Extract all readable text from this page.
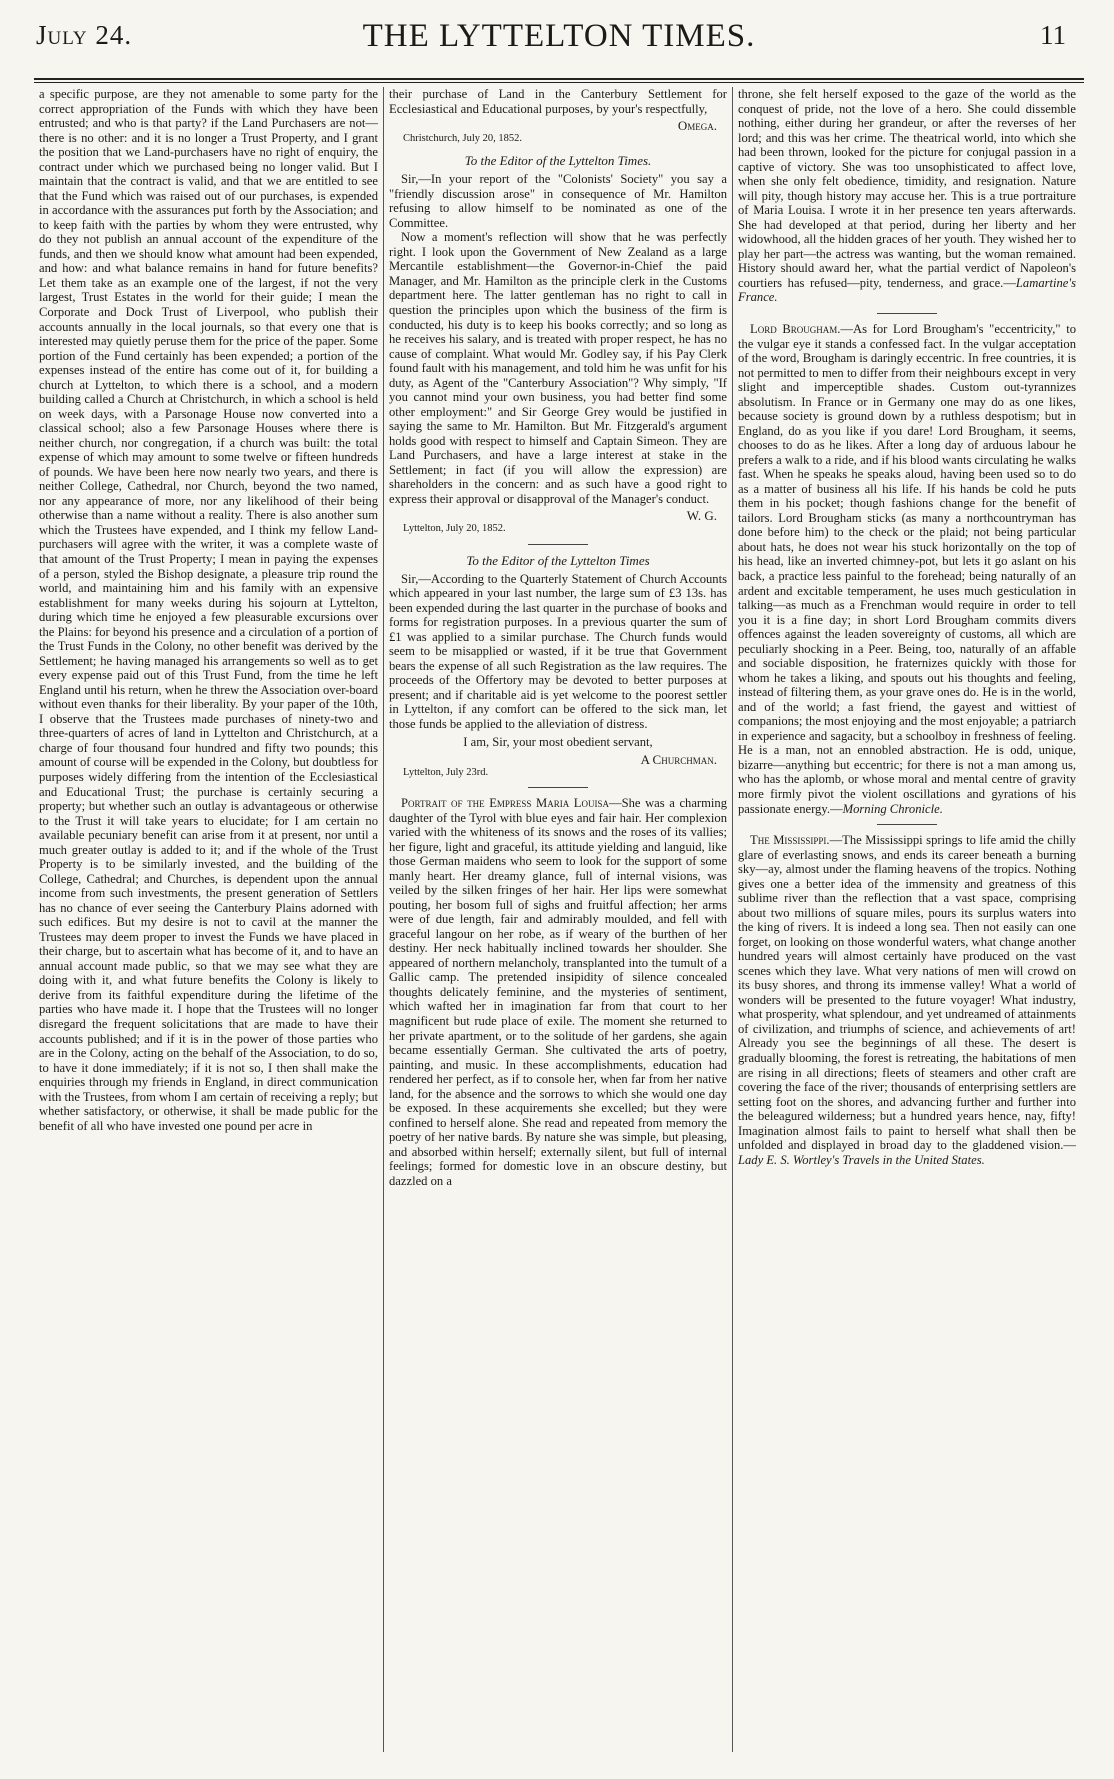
July 24.	THE LYTTELTON TIMES.	11

a specific purpose, are they not amenable to some party for the correct appropriation of the Funds with which they have been entrusted; and who is that party? if the Land Purchasers are not—there is no other: and it is no longer a Trust Property, and I grant the position that we Land-purchasers have no right of enquiry, the contract under which we purchased being no longer valid. But I maintain that the contract is valid, and that we are entitled to see that the Fund which was raised out of our purchases, is expended in accordance with the assurances put forth by the Association; and to keep faith with the parties by whom they were entrusted, why do they not publish an annual account of the expenditure of the funds, and then we should know what amount had been expended, and how: and what balance remains in hand for future benefits? Let them take as an example one of the largest, if not the very largest, Trust Estates in the world for their guide; I mean the Corporate and Dock Trust of Liverpool, who publish their accounts annually in the local journals, so that every one that is interested may quietly peruse them for the price of the paper. Some portion of the Fund certainly has been expended; a portion of the expenses instead of the entire has come out of it, for building a church at Lyttelton, to which there is a school, and a modern building called a Church at Christchurch, in which a school is held on week days, with a Parsonage House now converted into a classical school; also a few Parsonage Houses where there is neither church, nor congregation, if a church was built: the total expense of which may amount to some twelve or fifteen hundreds of pounds. We have been here now nearly two years, and there is neither College, Cathedral, nor Church, beyond the two named, nor any appearance of more, nor any likelihood of their being otherwise than a name without a reality. There is also another sum which the Trustees have expended, and I think my fellow Land-purchasers will agree with the writer, it was a complete waste of that amount of the Trust Property; I mean in paying the expenses of a person, styled the Bishop designate, a pleasure trip round the world, and maintaining him and his family with an expensive establishment for many weeks during his sojourn at Lyttelton, during which time he enjoyed a few pleasurable excursions over the Plains: for beyond his presence and a circulation of a portion of the Trust Funds in the Colony, no other benefit was derived by the Settlement; he having managed his arrangements so well as to get every expense paid out of this Trust Fund, from the time he left England until his return, when he threw the Association over-board without even thanks for their liberality. By your paper of the 10th, I observe that the Trustees made purchases of ninety-two and three-quarters of acres of land in Lyttelton and Christchurch, at a charge of four thousand four hundred and fifty two pounds; this amount of course will be expended in the Colony, but doubtless for purposes widely differing from the intention of the Ecclesiastical and Educational Trust; the purchase is certainly securing a property; but whether such an outlay is advantageous or otherwise to the Trust it will take years to elucidate; for I am certain no available pecuniary benefit can arise from it at present, nor until a much greater outlay is added to it; and if the whole of the Trust Property is to be similarly invested, and the building of the College, Cathedral; and Churches, is dependent upon the annual income from such investments, the present generation of Settlers has no chance of ever seeing the Canterbury Plains adorned with such edifices. But my desire is not to cavil at the manner the Trustees may deem proper to invest the Funds we have placed in their charge, but to ascertain what has become of it, and to have an annual account made public, so that we may see what they are doing with it, and what future benefits the Colony is likely to derive from its faithful expenditure during the lifetime of the parties who have made it. I hope that the Trustees will no longer disregard the frequent solicitations that are made to have their accounts published; and if it is in the power of those parties who are in the Colony, acting on the behalf of the Association, to do so, to have it done immediately; if it is not so, I then shall make the enquiries through my friends in England, in direct communication with the Trustees, from whom I am certain of receiving a reply; but whether satisfactory, or otherwise, it shall be made public for the benefit of all who have invested one pound per acre in

their purchase of Land in the Canterbury Settlement for Ecclesiastical and Educational purposes, by your's respectfully,

Omega.
Christchurch, July 20, 1852.
To the Editor of the Lyttelton Times.

Sir,—In your report of the "Colonists' Society" you say a "friendly discussion arose" in consequence of Mr. Hamilton refusing to allow himself to be nominated as one of the Committee.

Now a moment's reflection will show that he was perfectly right. I look upon the Government of New Zealand as a large Mercantile establishment—the Governor-in-Chief the paid Manager, and Mr. Hamilton as the principle clerk in the Customs department here. The latter gentleman has no right to call in question the principles upon which the business of the firm is conducted, his duty is to keep his books correctly; and so long as he receives his salary, and is treated with proper respect, he has no cause of complaint. What would Mr. Godley say, if his Pay Clerk found fault with his management, and told him he was unfit for his duty, as Agent of the "Canterbury Association"? Why simply, "If you cannot mind your own business, you had better find some other employment:" and Sir George Grey would be justified in saying the same to Mr. Hamilton. But Mr. Fitzgerald's argument holds good with respect to himself and Captain Simeon. They are Land Purchasers, and have a large interest at stake in the Settlement; in fact (if you will allow the expression) are shareholders in the concern: and as such have a good right to express their approval or disapproval of the Manager's conduct.

W. G.
Lyttelton, July 20, 1852.
To the Editor of the Lyttelton Times

Sir,—According to the Quarterly Statement of Church Accounts which appeared in your last number, the large sum of £3 13s. has been expended during the last quarter in the purchase of books and forms for registration purposes. In a previous quarter the sum of £1 was applied to a similar purchase. The Church funds would seem to be misapplied or wasted, if it be true that Government bears the expense of all such Registration as the law requires. The proceeds of the Offertory may be devoted to better purposes at present; and if charitable aid is yet welcome to the poorest settler in Lyttelton, if any comfort can be offered to the sick man, let those funds be applied to the alleviation of distress.

I am, Sir, your most obedient servant,
A Churchman.
Lyttelton, July 23rd.

Portrait of the Empress Maria Louisa—She was a charming daughter of the Tyrol with blue eyes and fair hair. Her complexion varied with the whiteness of its snows and the roses of its vallies; her figure, light and graceful, its attitude yielding and languid, like those German maidens who seem to look for the support of some manly heart. Her dreamy glance, full of internal visions, was veiled by the silken fringes of her hair. Her lips were somewhat pouting, her bosom full of sighs and fruitful affection; her arms were of due length, fair and admirably moulded, and fell with graceful langour on her robe, as if weary of the burthen of her destiny. Her neck habitually inclined towards her shoulder. She appeared of northern melancholy, transplanted into the tumult of a Gallic camp. The pretended insipidity of silence concealed thoughts delicately feminine, and the mysteries of sentiment, which wafted her in imagination far from that court to her magnificent but rude place of exile. The moment she returned to her private apartment, or to the solitude of her gardens, she again became essentially German. She cultivated the arts of poetry, painting, and music. In these accomplishments, education had rendered her perfect, as if to console her, when far from her native land, for the absence and the sorrows to which she would one day be exposed. In these acquirements she excelled; but they were confined to herself alone. She read and repeated from memory the poetry of her native bards. By nature she was simple, but pleasing, and absorbed within herself; externally silent, but full of internal feelings; formed for domestic love in an obscure destiny, but dazzled on a

throne, she felt herself exposed to the gaze of the world as the conquest of pride, not the love of a hero. She could dissemble nothing, either during her grandeur, or after the reverses of her lord; and this was her crime. The theatrical world, into which she had been thrown, looked for the picture for conjugal passion in a captive of victory. She was too unsophisticated to affect love, when she only felt obedience, timidity, and resignation. Nature will pity, though history may accuse her. This is a true portraiture of Maria Louisa. I wrote it in her presence ten years afterwards. She had developed at that period, during her liberty and her widowhood, all the hidden graces of her youth. They wished her to play her part—the actress was wanting, but the woman remained. History should award her, what the partial verdict of Napoleon's courtiers has refused—pity, tenderness, and grace.—Lamartine's France.

Lord Brougham.—As for Lord Brougham's "eccentricity," to the vulgar eye it stands a confessed fact. In the vulgar acceptation of the word, Brougham is daringly eccentric. In free countries, it is not permitted to men to differ from their neighbours except in very slight and imperceptible shades. Custom out-tyrannizes absolutism. In France or in Germany one may do as one likes, because society is ground down by a ruthless despotism; but in England, do as you like if you dare! Lord Brougham, it seems, chooses to do as he likes. After a long day of arduous labour he prefers a walk to a ride, and if his blood wants circulating he walks fast. When he speaks he speaks aloud, having been used so to do as a matter of business all his life. If his hands be cold he puts them in his pocket; though fashions change for the benefit of tailors. Lord Brougham sticks (as many a northcountryman has done before him) to the check or the plaid; not being particular about hats, he does not wear his stuck horizontally on the top of his head, like an inverted chimney-pot, but lets it go aslant on his back, a practice less painful to the forehead; being naturally of an ardent and excitable temperament, he uses much gesticulation in talking—as much as a Frenchman would require in order to tell you it is a fine day; in short Lord Brougham commits divers offences against the leaden sovereignty of customs, all which are peculiarly shocking in a Peer. Being, too, naturally of an affable and sociable disposition, he fraternizes quickly with those for whom he takes a liking, and spouts out his thoughts and feeling, instead of filtering them, as your grave ones do. He is in the world, and of the world; a fast friend, the gayest and wittiest of companions; the most enjoying and the most enjoyable; a patriarch in experience and sagacity, but a schoolboy in freshness of feeling. He is a man, not an ennobled abstraction. He is odd, unique, bizarre—anything but eccentric; for there is not a man among us, who has the aplomb, or whose moral and mental centre of gravity more firmly pivot the violent oscillations and gyrations of his passionate energy.—Morning Chronicle.

The Mississippi.—The Mississippi springs to life amid the chilly glare of everlasting snows, and ends its career beneath a burning sky—ay, almost under the flaming heavens of the tropics. Nothing gives one a better idea of the immensity and greatness of this sublime river than the reflection that a vast space, comprising about two millions of square miles, pours its surplus waters into the king of rivers. It is indeed a long sea. Then not easily can one forget, on looking on those wonderful waters, what change another hundred years will almost certainly have produced on the vast scenes which they lave. What very nations of men will crowd on its busy shores, and throng its immense valley! What a world of wonders will be presented to the future voyager! What industry, what prosperity, what splendour, and yet undreamed of attainments of civilization, and triumphs of science, and achievements of art! Already you see the beginnings of all these. The desert is gradually blooming, the forest is retreating, the habitations of men are rising in all directions; fleets of steamers and other craft are covering the face of the river; thousands of enterprising settlers are setting foot on the shores, and advancing further and further into the beleagured wilderness; but a hundred years hence, nay, fifty! Imagination almost fails to paint to herself what shall then be unfolded and displayed in broad day to the gladdened vision.—Lady E. S. Wortley's Travels in the United States.
